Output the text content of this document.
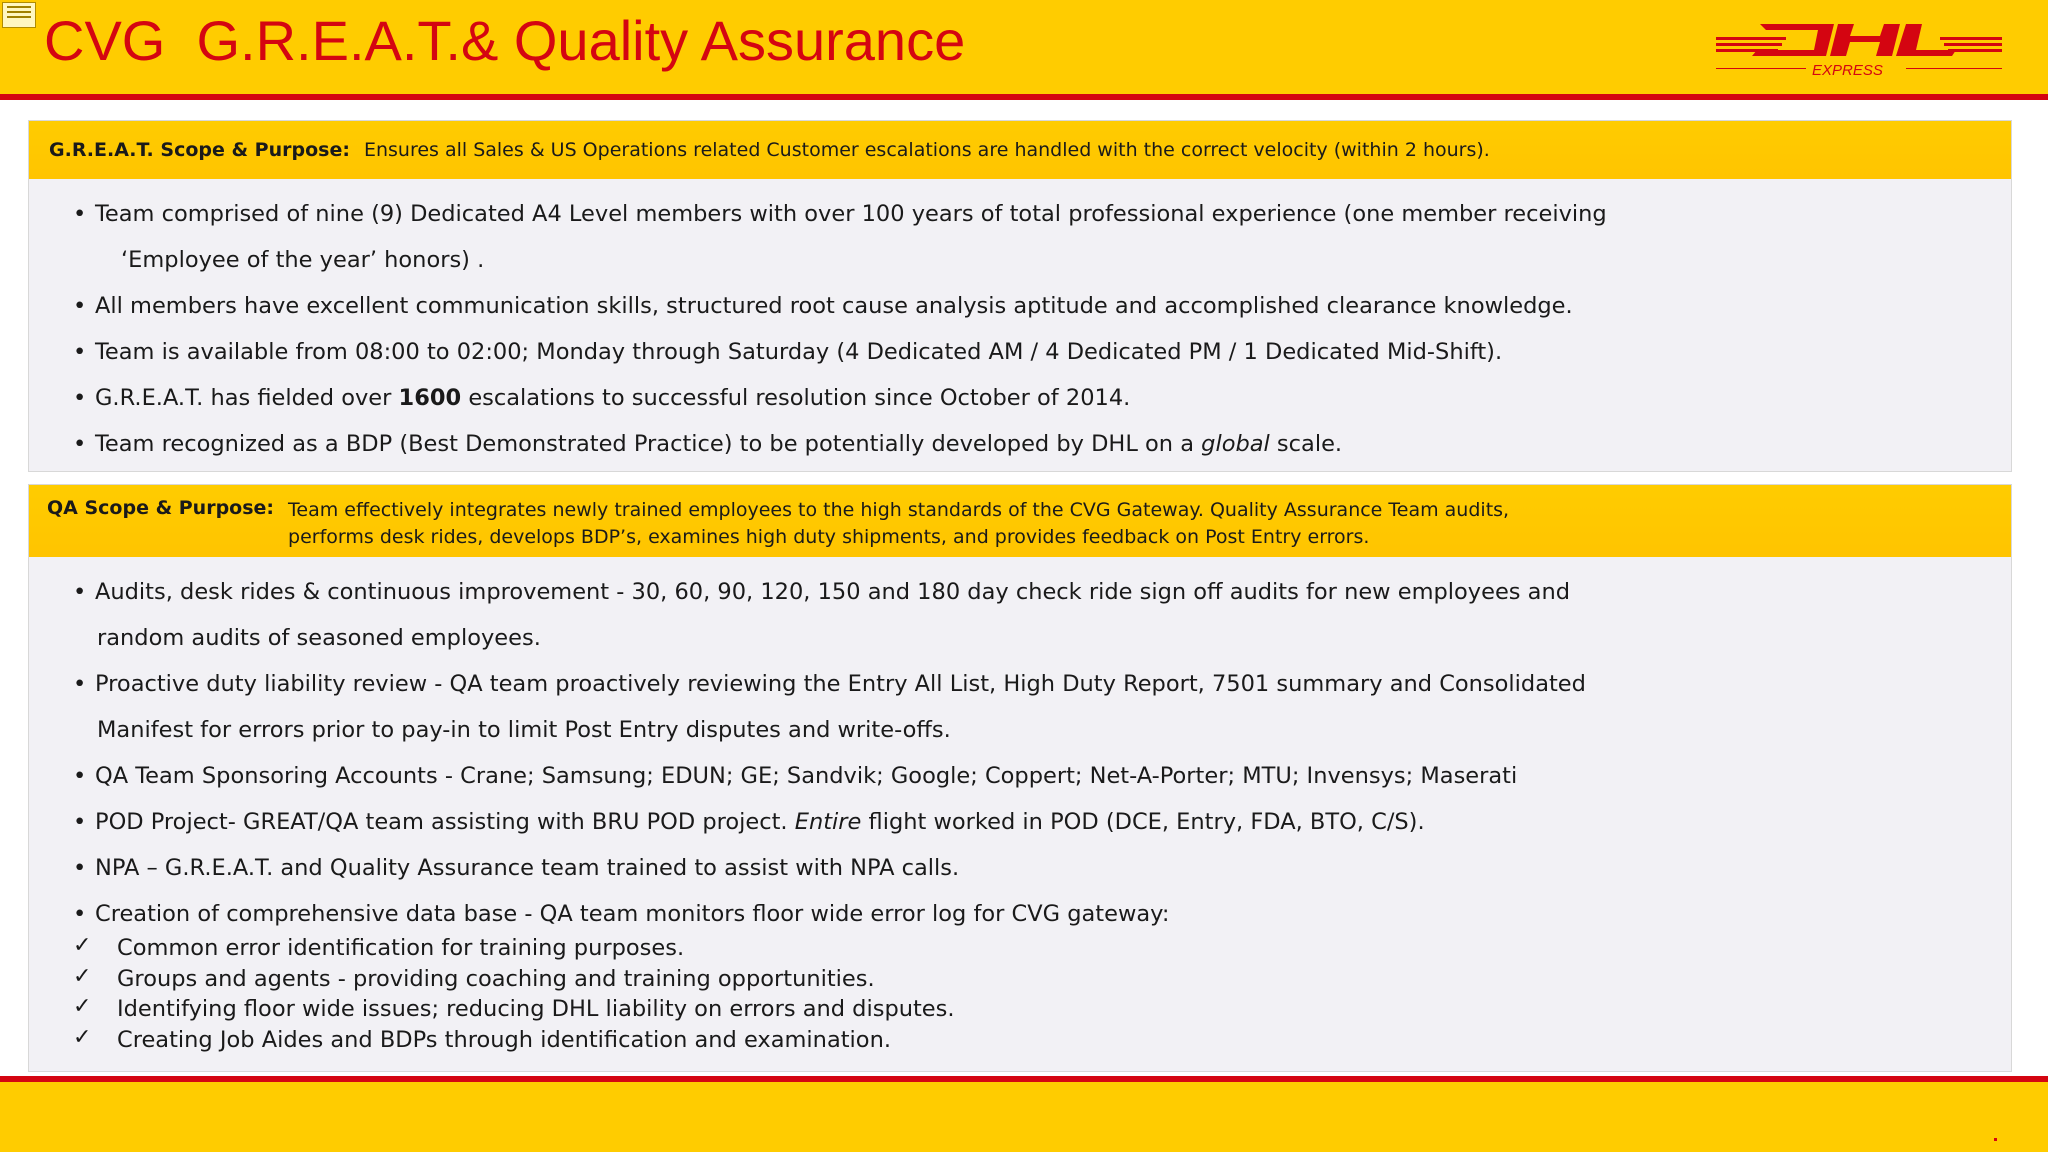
CVG  G.R.E.A.T.& Quality Assurance	EXPRESS
G.R.E.A.T. Scope & Purpose: Ensures all Sales & US Operations related Customer escalations are handled with the correct velocity (within 2 hours).
• Team comprised of nine (9) Dedicated A4 Level members with over 100 years of total professional experience (one member receiving
‘Employee of the year’ honors) .
• All members have excellent communication skills, structured root cause analysis aptitude and accomplished clearance knowledge.
• Team is available from 08:00 to 02:00; Monday through Saturday (4 Dedicated AM / 4 Dedicated PM / 1 Dedicated Mid-Shift).
• G.R.E.A.T. has fielded over 1600 escalations to successful resolution since October of 2014.
• Team recognized as a BDP (Best Demonstrated Practice) to be potentially developed by DHL on a global scale.
QA Scope & Purpose: Team effectively integrates newly trained employees to the high standards of the CVG Gateway. Quality Assurance Team audits,
performs desk rides, develops BDP’s, examines high duty shipments, and provides feedback on Post Entry errors.
• Audits, desk rides & continuous improvement - 30, 60, 90, 120, 150 and 180 day check ride sign off audits for new employees and
random audits of seasoned employees.
• Proactive duty liability review - QA team proactively reviewing the Entry All List, High Duty Report, 7501 summary and Consolidated
Manifest for errors prior to pay-in to limit Post Entry disputes and write-offs.
• QA Team Sponsoring Accounts - Crane; Samsung; EDUN; GE; Sandvik; Google; Coppert; Net-A-Porter; MTU; Invensys; Maserati
• POD Project- GREAT/QA team assisting with BRU POD project. Entire flight worked in POD (DCE, Entry, FDA, BTO, C/S).
• NPA – G.R.E.A.T. and Quality Assurance team trained to assist with NPA calls.
• Creation of comprehensive data base - QA team monitors floor wide error log for CVG gateway:
✓ Common error identification for training purposes.
✓ Groups and agents - providing coaching and training opportunities.
✓ Identifying floor wide issues; reducing DHL liability on errors and disputes.
✓ Creating Job Aides and BDPs through identification and examination.
